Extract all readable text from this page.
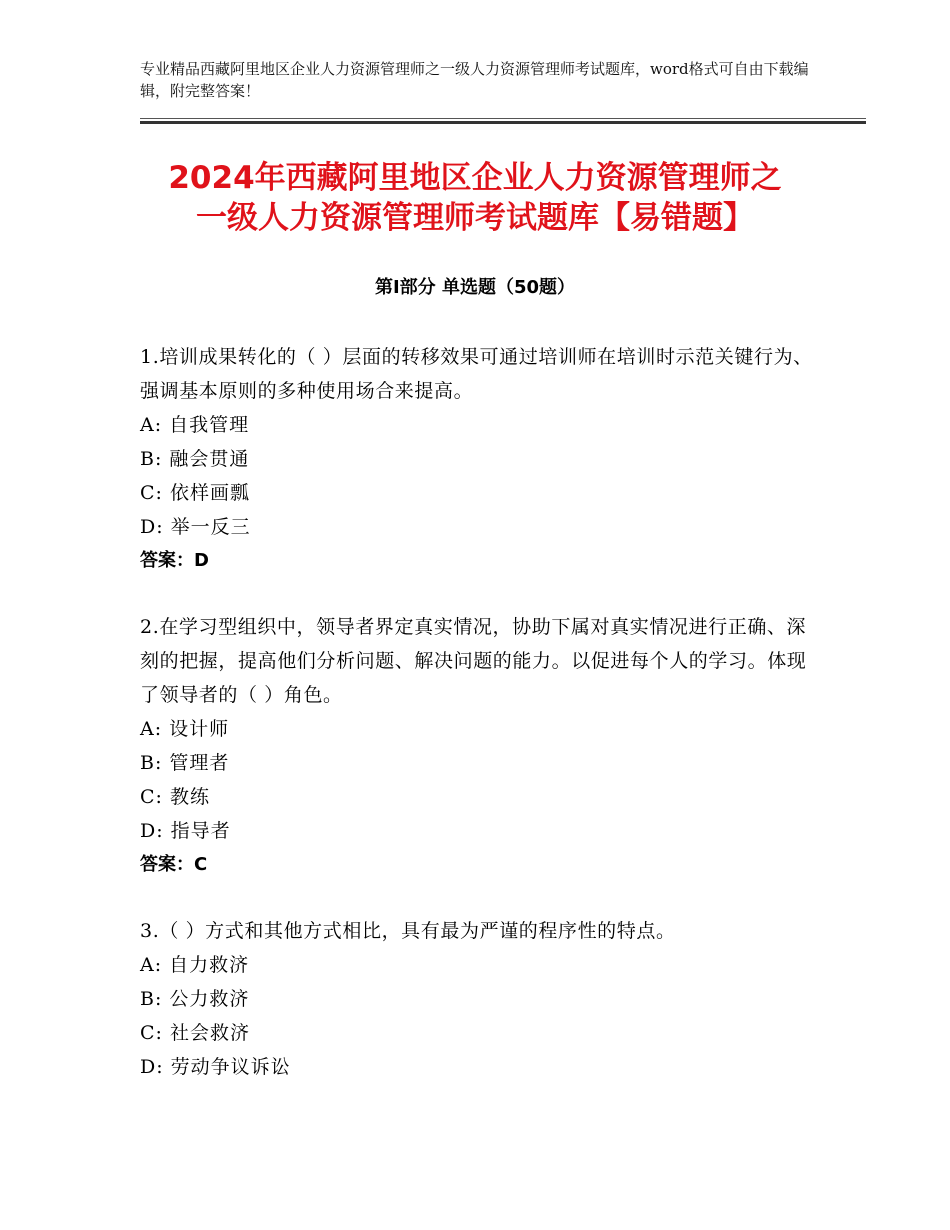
专业精品西藏阿里地区企业人力资源管理师之一级人力资源管理师考试题库，word格式可自由下载编辑，附完整答案！
2024年西藏阿里地区企业人力资源管理师之
一级人力资源管理师考试题库【易错题】
第Ⅰ部分 单选题（50题）
1.培训成果转化的（ ）层面的转移效果可通过培训师在培训时示范关键行为、强调基本原则的多种使用场合来提高。
A: 自我管理
B: 融会贯通
C: 依样画瓢
D: 举一反三
答案：D
2.在学习型组织中，领导者界定真实情况，协助下属对真实情况进行正确、深刻的把握，提高他们分析问题、解决问题的能力。以促进每个人的学习。体现了领导者的（ ）角色。
A: 设计师
B: 管理者
C: 教练
D: 指导者
答案：C
3.（ ）方式和其他方式相比，具有最为严谨的程序性的特点。
A: 自力救济
B: 公力救济
C: 社会救济
D: 劳动争议诉讼
